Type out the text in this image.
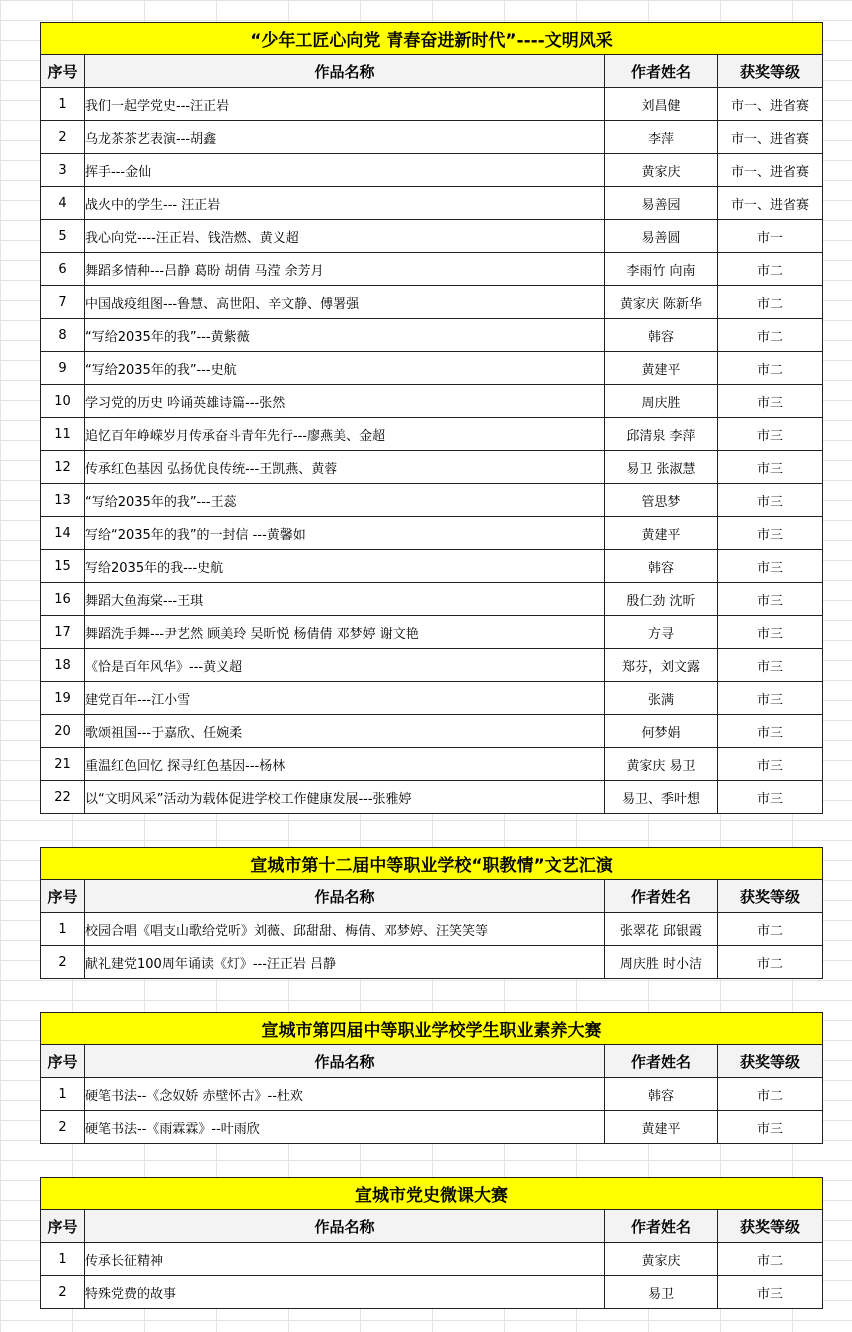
“少年工匠心向党 青春奋进新时代”----文明风采			
序号	作品名称	作者姓名	获奖等级
1	我们一起学党史---汪正岩	刘昌健	市一、进省赛
2	乌龙茶茶艺表演---胡鑫	李萍	市一、进省赛
3	挥手---金仙	黄家庆	市一、进省赛
4	战火中的学生--- 汪正岩	易善园	市一、进省赛
5	我心向党----汪正岩、钱浩燃、黄义超	易善圆	市一
6	舞蹈多情种---吕静 葛盼 胡倩 马滢 余芳月	李雨竹 向南	市二
7	中国战疫组图---鲁慧、高世阳、辛文静、傅署强	黄家庆 陈新华	市二
8	“写给2035年的我”---黄紫薇	韩容	市二
9	“写给2035年的我”---史航	黄建平	市二
10	学习党的历史 吟诵英雄诗篇---张然	周庆胜	市三
11	追忆百年峥嵘岁月传承奋斗青年先行---廖燕美、金超	邱清泉 李萍	市三
12	传承红色基因 弘扬优良传统---王凯燕、黄蓉	易卫 张淑慧	市三
13	“写给2035年的我”---王蕊	管思梦	市三
14	写给“2035年的我”的一封信 ---黄馨如	黄建平	市三
15	写给2035年的我---史航	韩容	市三
16	舞蹈大鱼海棠---王琪	殷仁劲 沈昕	市三
17	舞蹈洗手舞---尹艺然 顾美玲 吴昕悦 杨倩倩 邓梦婷 谢文艳	方寻	市三
18	《恰是百年风华》---黄义超	郑芬，刘文露	市三
19	建党百年---江小雪	张满	市三
20	歌颂祖国---于嘉欣、任婉柔	何梦娟	市三
21	重温红色回忆 探寻红色基因---杨林	黄家庆 易卫	市三
22	以“文明风采”活动为载体促进学校工作健康发展---张雅婷	易卫、季叶想	市三
宣城市第十二届中等职业学校“职教情”文艺汇演			
序号	作品名称	作者姓名	获奖等级
1	校园合唱《唱支山歌给党听》刘薇、邱甜甜、梅倩、邓梦婷、汪笑笑等	张翠花 邱银霞	市二
2	献礼建党100周年诵读《灯》---汪正岩 吕静	周庆胜 时小洁	市二
宣城市第四届中等职业学校学生职业素养大赛			
序号	作品名称	作者姓名	获奖等级
1	硬笔书法--《念奴娇 赤壁怀古》--杜欢	韩容	市二
2	硬笔书法--《雨霖霖》--叶雨欣	黄建平	市三
宣城市党史微课大赛			
序号	作品名称	作者姓名	获奖等级
1	传承长征精神	黄家庆	市二
2	特殊党费的故事	易卫	市三
